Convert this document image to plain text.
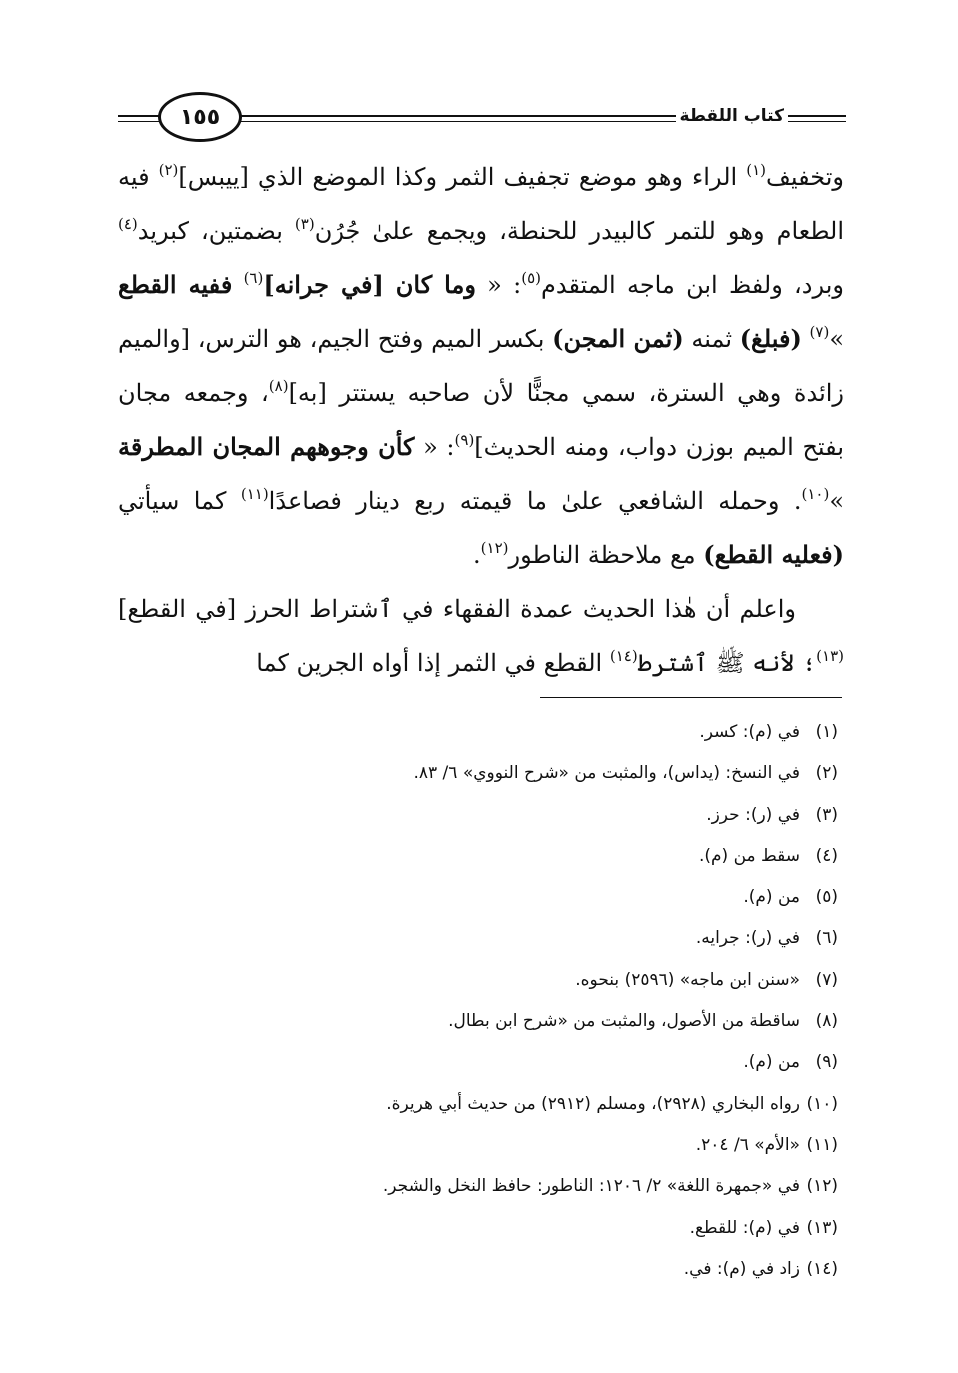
١٥٥	كتاب اللقطة

وتخفيف$^{(١)}$ الراء وهو موضع تجفيف الثمر وكذا الموضع الذي [ييبس]$^{(٢)}$ فيه الطعام وهو للتمر كالبيدر للحنطة، ويجمع علىٰ جُرُن$^{(٣)}$ بضمتين، كبريد$^{(٤)}$ وبرد، ولفظ ابن ماجه المتقدم$^{(٥)}$: « وما كان [في جرانه]$^{(٦)}$ ففيه القطع »$^{(٧)}$ (فبلغ) ثمنه (ثمن المجن) بكسر الميم وفتح الجيم، هو الترس، [والميم زائدة وهي السترة، سمي مجنًّا لأن صاحبه يستتر [به]$^{(٨)}$، وجمعه مجان بفتح الميم بوزن دواب، ومنه الحديث]$^{(٩)}$: « كأن وجوههم المجان المطرقة »$^{(١٠)}$. وحمله الشافعي علىٰ ما قيمته ربع دينار فصاعدًا$^{(١١)}$ كما سيأتي (فعليه القطع) مع ملاحظة الناطور$^{(١٢)}$.

واعلم أن هٰذا الحديث عمدة الفقهاء في ٱشتراط الحرز [في القطع]$^{(١٣)}$؛ لأنه ﷺ ٱشترط$^{(١٤)}$ القطع في الثمر إذا أواه الجرين كما

(١)في (م): كسر.
(٢)في النسخ: (يداس)، والمثبت من «شرح النووي» ٦/ ٨٣.
(٣)في (ر): حرز.
(٤)سقط من (م).
(٥)من (م).
(٦)في (ر): جرايه.
(٧)«سنن ابن ماجه» (٢٥٩٦) بنحوه.
(٨)ساقطة من الأصول، والمثبت من «شرح ابن بطال.
(٩)من (م).
(١٠)رواه البخاري (٢٩٢٨)، ومسلم (٢٩١٢) من حديث أبي هريرة.
(١١)«الأم» ٦/ ٢٠٤.
(١٢)في «جمهرة اللغة» ٢/ ١٢٠٦: الناطور: حافظ النخل والشجر.
(١٣)في (م): للقطع.
(١٤)زاد في (م): في.
